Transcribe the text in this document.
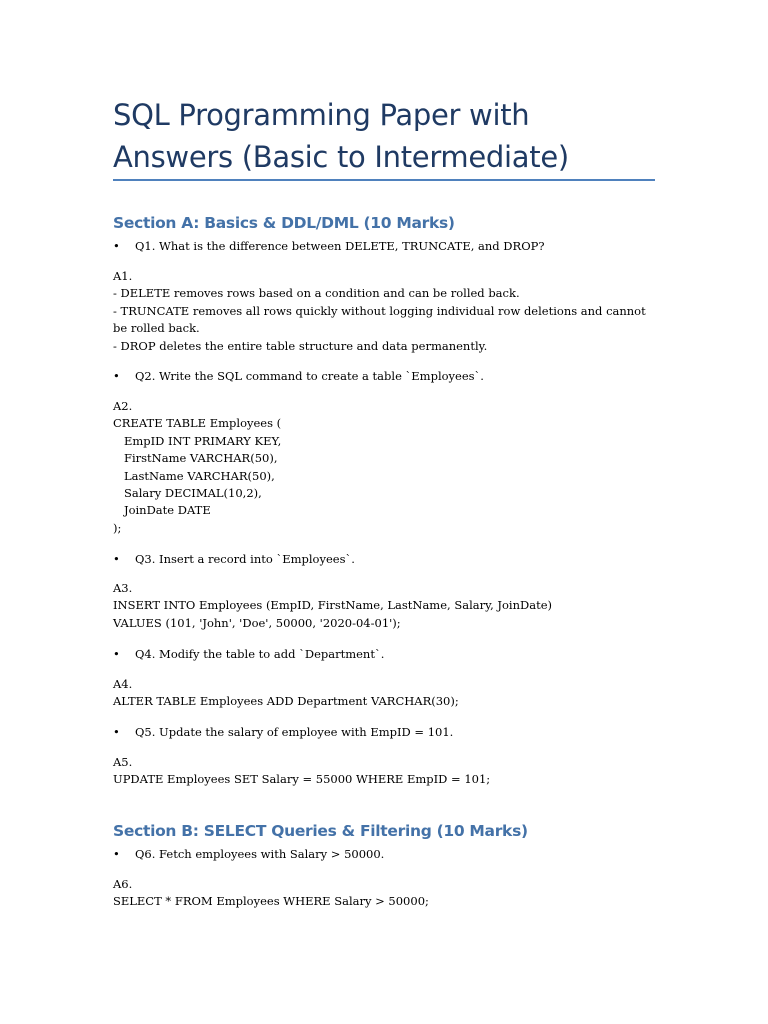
SQL Programming Paper with Answers (Basic to Intermediate)
Section A: Basics & DDL/DML (10 Marks)
• Q1. What is the difference between DELETE, TRUNCATE, and DROP?
A1.
- DELETE removes rows based on a condition and can be rolled back.
- TRUNCATE removes all rows quickly without logging individual row deletions and cannot be rolled back.
- DROP deletes the entire table structure and data permanently.
• Q2. Write the SQL command to create a table `Employees`.
A2.
CREATE TABLE Employees (
EmpID INT PRIMARY KEY,
FirstName VARCHAR(50),
LastName VARCHAR(50),
Salary DECIMAL(10,2),
JoinDate DATE
);
• Q3. Insert a record into `Employees`.
A3.
INSERT INTO Employees (EmpID, FirstName, LastName, Salary, JoinDate)
VALUES (101, 'John', 'Doe', 50000, '2020-04-01');
• Q4. Modify the table to add `Department`.
A4.
ALTER TABLE Employees ADD Department VARCHAR(30);
• Q5. Update the salary of employee with EmpID = 101.
A5.
UPDATE Employees SET Salary = 55000 WHERE EmpID = 101;
Section B: SELECT Queries & Filtering (10 Marks)
• Q6. Fetch employees with Salary > 50000.
A6.
SELECT * FROM Employees WHERE Salary > 50000;
